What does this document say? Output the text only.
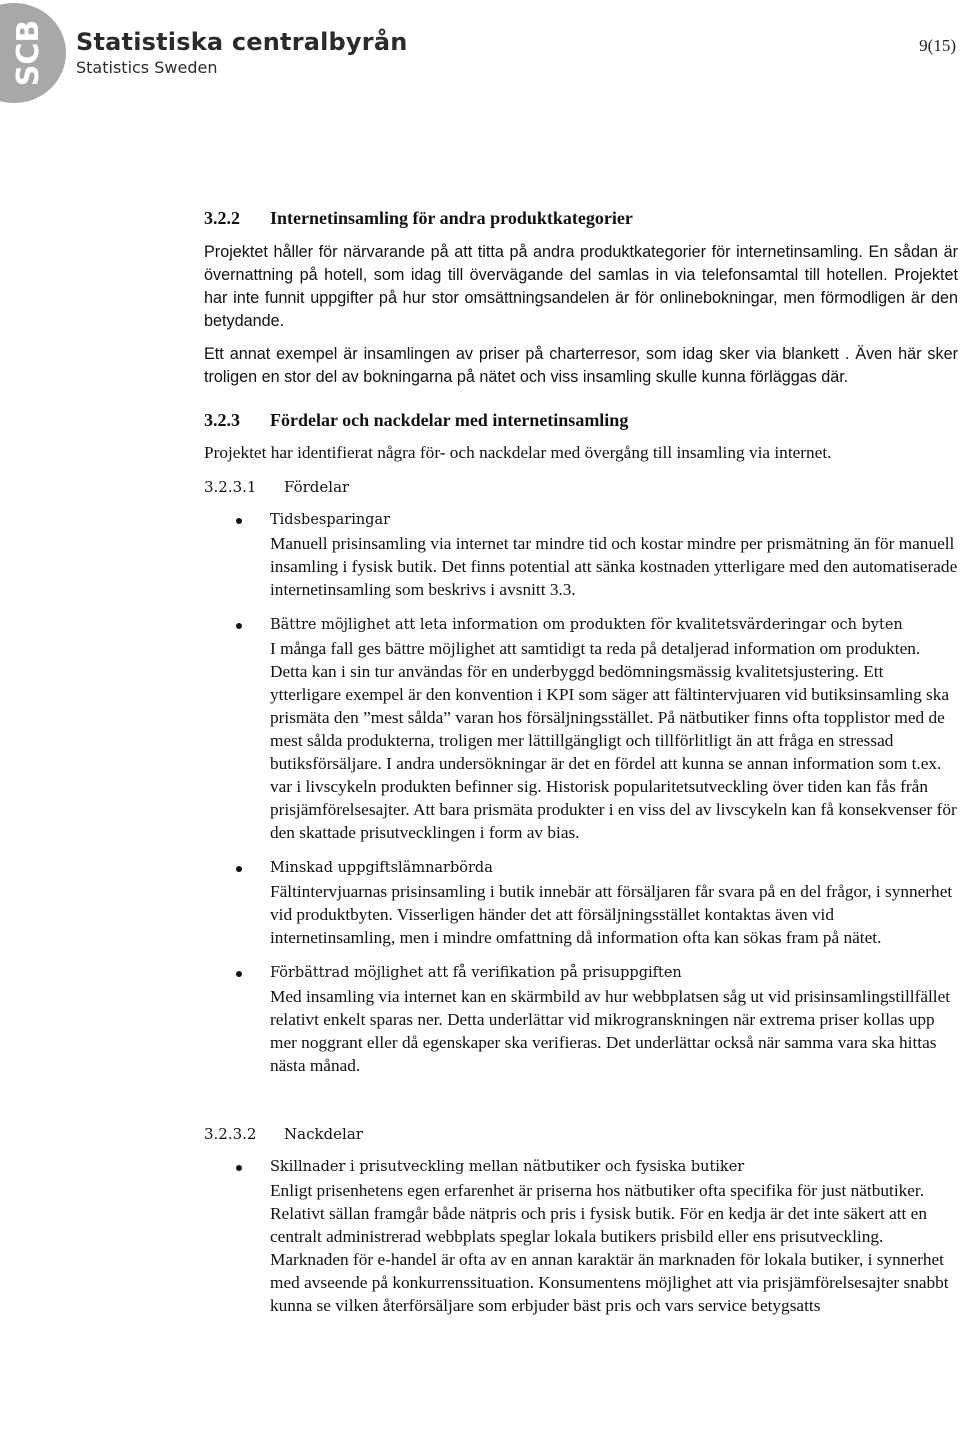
SCB Statistiska centralbyrån
Statistics Sweden
9(15)
3.2.2 Internetinsamling för andra produktkategorier

Projektet håller för närvarande på att titta på andra produktkategorier för internetinsamling. En sådan är övernattning på hotell, som idag till övervägande del samlas in via telefonsamtal till hotellen. Projektet har inte funnit uppgifter på hur stor omsättningsandelen är för onlinebokningar, men förmodligen är den betydande.

Ett annat exempel är insamlingen av priser på charterresor, som idag sker via blankett . Även här sker troligen en stor del av bokningarna på nätet och viss insamling skulle kunna förläggas där.

3.2.3 Fördelar och nackdelar med internetinsamling

Projektet har identifierat några för- och nackdelar med övergång till insamling via internet.

3.2.3.1 Fördelar
Tidsbesparingar
Manuell prisinsamling via internet tar mindre tid och kostar mindre per prismätning än för manuell insamling i fysisk butik. Det finns potential att sänka kostnaden ytterligare med den automatiserade internetinsamling som beskrivs i avsnitt 3.3.
Bättre möjlighet att leta information om produkten för kvalitetsvärderingar och byten
I många fall ges bättre möjlighet att samtidigt ta reda på detaljerad information om produkten. Detta kan i sin tur användas för en underbyggd bedömningsmässig kvalitetsjustering. Ett ytterligare exempel är den konvention i KPI som säger att fältintervjuaren vid butiksinsamling ska prismäta den ”mest sålda” varan hos försäljningsstället. På nätbutiker finns ofta topplistor med de mest sålda produkterna, troligen mer lättillgängligt och tillförlitligt än att fråga en stressad butiksförsäljare. I andra undersökningar är det en fördel att kunna se annan information som t.ex. var i livscykeln produkten befinner sig. Historisk popularitetsutveckling över tiden kan fås från prisjämförelsesajter. Att bara prismäta produkter i en viss del av livscykeln kan få konsekvenser för den skattade prisutvecklingen i form av bias.
Minskad uppgiftslämnarbörda
Fältintervjuarnas prisinsamling i butik innebär att försäljaren får svara på en del frågor, i synnerhet vid produktbyten. Visserligen händer det att försäljningsstället kontaktas även vid internetinsamling, men i mindre omfattning då information ofta kan sökas fram på nätet.
Förbättrad möjlighet att få verifikation på prisuppgiften
Med insamling via internet kan en skärmbild av hur webbplatsen såg ut vid prisinsamlingstillfället relativt enkelt sparas ner. Detta underlättar vid mikrogranskningen när extrema priser kollas upp mer noggrant eller då egenskaper ska verifieras. Det underlättar också när samma vara ska hittas nästa månad.
3.2.3.2 Nackdelar
Skillnader i prisutveckling mellan nätbutiker och fysiska butiker
Enligt prisenhetens egen erfarenhet är priserna hos nätbutiker ofta specifika för just nätbutiker. Relativt sällan framgår både nätpris och pris i fysisk butik. För en kedja är det inte säkert att en centralt administrerad webbplats speglar lokala butikers prisbild eller ens prisutveckling. Marknaden för e-handel är ofta av en annan karaktär än marknaden för lokala butiker, i synnerhet med avseende på konkurrenssituation. Konsumentens möjlighet att via prisjämförelsesajter snabbt kunna se vilken återförsäljare som erbjuder bäst pris och vars service betygsatts
